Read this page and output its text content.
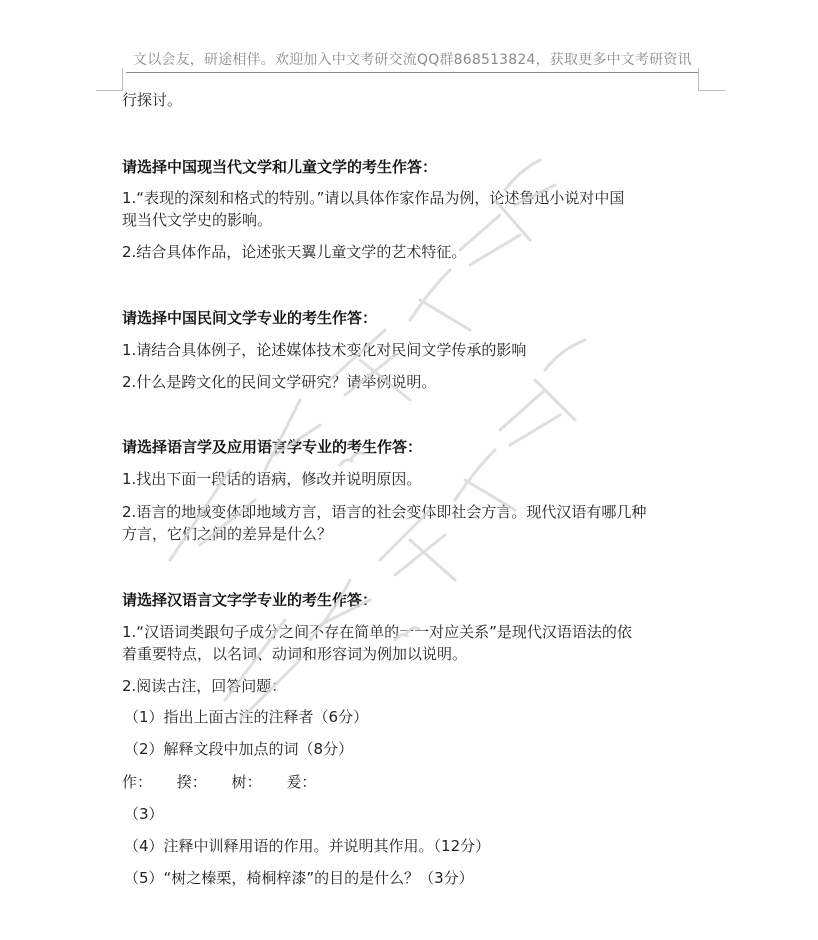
文以会友，研途相伴。欢迎加入中文考研交流QQ群868513824，获取更多中文考研资讯
行探讨。
请选择中国现当代文学和儿童文学的考生作答：
1.“表现的深刻和格式的特别。”请以具体作家作品为例，论述鲁迅小说对中国
现当代文学史的影响。
2.结合具体作品，论述张天翼儿童文学的艺术特征。
请选择中国民间文学专业的考生作答：
1.请结合具体例子，论述媒体技术变化对民间文学传承的影响
2.什么是跨文化的民间文学研究？请举例说明。
请选择语言学及应用语言学专业的考生作答：
1.找出下面一段话的语病，修改并说明原因。
2.语言的地域变体即地域方言，语言的社会变体即社会方言。现代汉语有哪几种
方言，它们之间的差异是什么？
请选择汉语言文字学专业的考生作答：
1.“汉语词类跟句子成分之间不存在简单的一一对应关系”是现代汉语语法的依
着重要特点，以名词、动词和形容词为例加以说明。
2.阅读古注，回答问题：
（1）指出上面古注的注释者（6分）
（2）解释文段中加点的词（8分）
作： 揆： 树： 爰：
（3）
（4）注释中训释用语的作用。并说明其作用。（12分）
（5）“树之榛栗，椅桐梓漆”的目的是什么？（3分）
